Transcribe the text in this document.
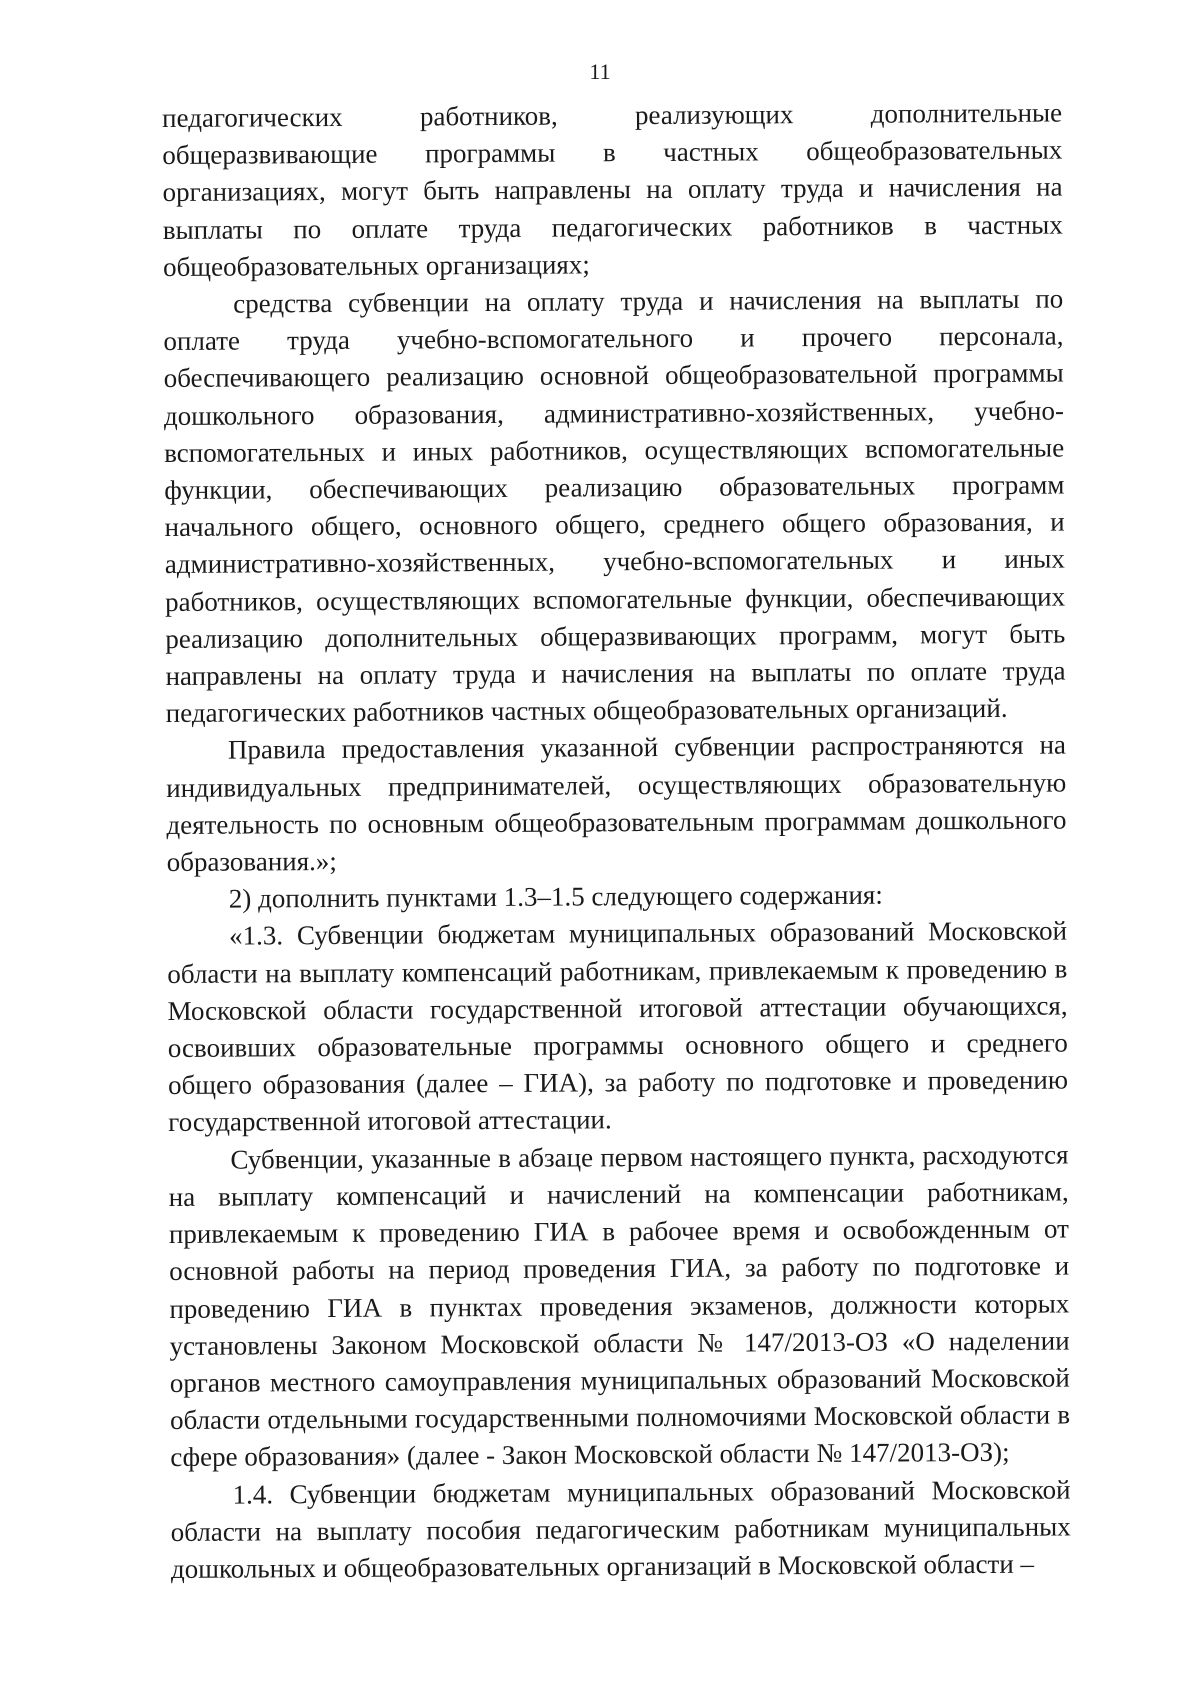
11

педагогических работников, реализующих дополнительные общеразвивающие программы в частных общеобразовательных организациях, могут быть направлены на оплату труда и начисления на выплаты по оплате труда педагогических работников в частных общеобразовательных организациях;

средства субвенции на оплату труда и начисления на выплаты по оплате труда учебно-вспомогательного и прочего персонала, обеспечивающего реализацию основной общеобразовательной программы дошкольного образования, административно-хозяйственных, учебно-вспомогательных и иных работников, осуществляющих вспомогательные функции, обеспечивающих реализацию образовательных программ начального общего, основного общего, среднего общего образования, и административно-хозяйственных, учебно-вспомогательных и иных работников, осуществляющих вспомогательные функции, обеспечивающих реализацию дополнительных общеразвивающих программ, могут быть направлены на оплату труда и начисления на выплаты по оплате труда педагогических работников частных общеобразовательных организаций.

Правила предоставления указанной субвенции распространяются на индивидуальных предпринимателей, осуществляющих образовательную деятельность по основным общеобразовательным программам дошкольного образования.»;

2) дополнить пунктами 1.3–1.5 следующего содержания:

«1.3. Субвенции бюджетам муниципальных образований Московской области на выплату компенсаций работникам, привлекаемым к проведению в Московской области государственной итоговой аттестации обучающихся, освоивших образовательные программы основного общего и среднего общего образования (далее – ГИА), за работу по подготовке и проведению государственной итоговой аттестации.

Субвенции, указанные в абзаце первом настоящего пункта, расходуются на выплату компенсаций и начислений на компенсации работникам, привлекаемым к проведению ГИА в рабочее время и освобожденным от основной работы на период проведения ГИА, за работу по подготовке и проведению ГИА в пунктах проведения экзаменов, должности которых установлены Законом Московской области № 147/2013-ОЗ «О наделении органов местного самоуправления муниципальных образований Московской области отдельными государственными полномочиями Московской области в сфере образования» (далее - Закон Московской области № 147/2013-ОЗ);

1.4. Субвенции бюджетам муниципальных образований Московской области на выплату пособия педагогическим работникам муниципальных дошкольных и общеобразовательных организаций в Московской области –
